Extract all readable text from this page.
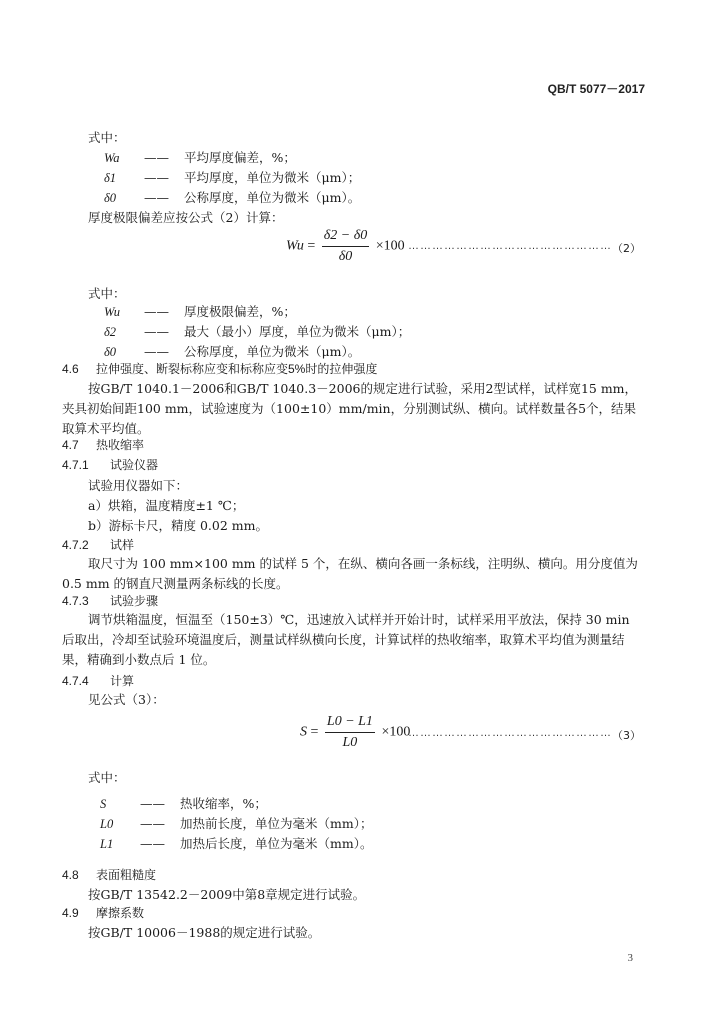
QB/T 5077－2017
式中：
Wa —— 平均厚度偏差，%；
δ1 —— 平均厚度，单位为微米（μm）；
δ0 —— 公称厚度，单位为微米（μm）。
厚度极限偏差应按公式（2）计算：
$Wu = \frac{\delta 2 - \delta 0}{\delta 0} \times 100$ …………………………………………… （2）
式中：
Wu —— 厚度极限偏差，%；
δ2 —— 最大（最小）厚度，单位为微米（μm）；
δ0 —— 公称厚度，单位为微米（μm）。
4.6 拉伸强度、断裂标称应变和标称应变5%时的拉伸强度
按GB/T 1040.1－2006和GB/T 1040.3－2006的规定进行试验，采用2型试样，试样宽15 mm，夹具初始间距100 mm，试验速度为（100±10）mm/min，分别测试纵、横向。试样数量各5个，结果取算术平均值。
4.7 热收缩率
4.7.1 试验仪器
试验用仪器如下：
a）烘箱，温度精度±1 ℃；
b）游标卡尺，精度 0.02 mm。
4.7.2 试样
取尺寸为 100 mm×100 mm 的试样 5 个，在纵、横向各画一条标线，注明纵、横向。用分度值为 0.5 mm 的钢直尺测量两条标线的长度。
4.7.3 试验步骤
调节烘箱温度，恒温至（150±3）℃，迅速放入试样并开始计时，试样采用平放法，保持 30 min 后取出，冷却至试验环境温度后，测量试样纵横向长度，计算试样的热收缩率，取算术平均值为测量结果，精确到小数点后 1 位。
4.7.4 计算
见公式（3）：
$S = \frac{L0 - L1}{L0} \times 100$
…………………………………………… （3）
式中：
S	—— 热收缩率，%；
L0 —— 加热前长度，单位为毫米（mm）；
L1 —— 加热后长度，单位为毫米（mm）。
4.8 表面粗糙度
按GB/T 13542.2－2009中第8章规定进行试验。
4.9 摩擦系数
按GB/T 10006－1988的规定进行试验。
3
